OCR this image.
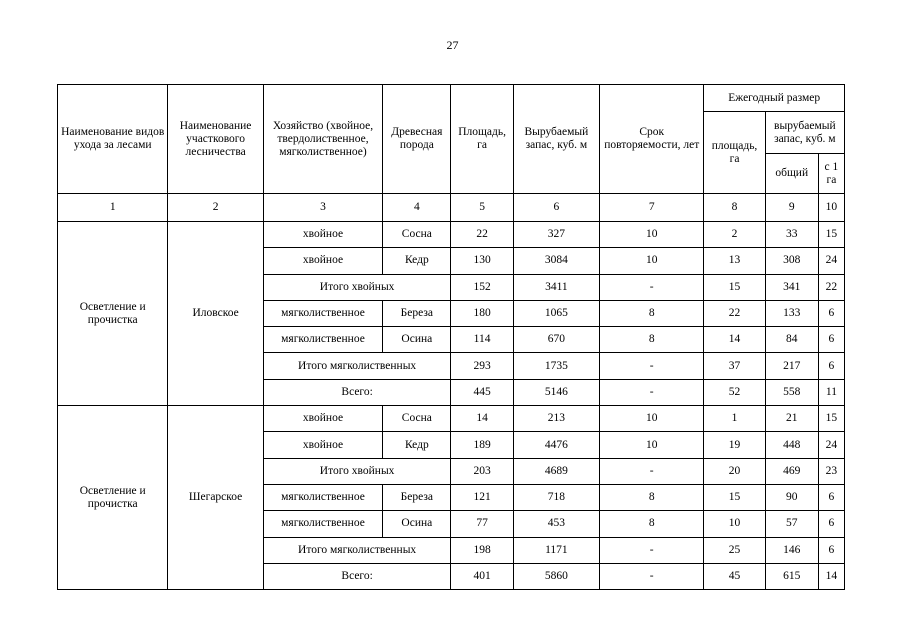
27
Наименование видов ухода за лесами	Наименование участкового лесничества	Хозяйство (хвойное, твердолиственное, мягколиственное)	Древесная порода	Площадь, га	Вырубаемый запас, куб. м	Срок повторяемости, лет	Ежегодный размер		
							площадь, га	вырубаемый запас, куб. м	
								общий	с 1 га
1	2	3	4	5	6	7	8	9	10
Осветление и прочистка	Иловское	хвойное	Сосна	22	327	10	2	33	15
		хвойное	Кедр	130	3084	10	13	308	24
		Итого хвойных		152	3411	-	15	341	22
		мягколиственное	Береза	180	1065	8	22	133	6
		мягколиственное	Осина	114	670	8	14	84	6
		Итого мягколиственных		293	1735	-	37	217	6
		Всего:		445	5146	-	52	558	11
Осветление и прочистка	Шегарское	хвойное	Сосна	14	213	10	1	21	15
		хвойное	Кедр	189	4476	10	19	448	24
		Итого хвойных		203	4689	-	20	469	23
		мягколиственное	Береза	121	718	8	15	90	6
		мягколиственное	Осина	77	453	8	10	57	6
		Итого мягколиственных		198	1171	-	25	146	6
		Всего:		401	5860	-	45	615	14
